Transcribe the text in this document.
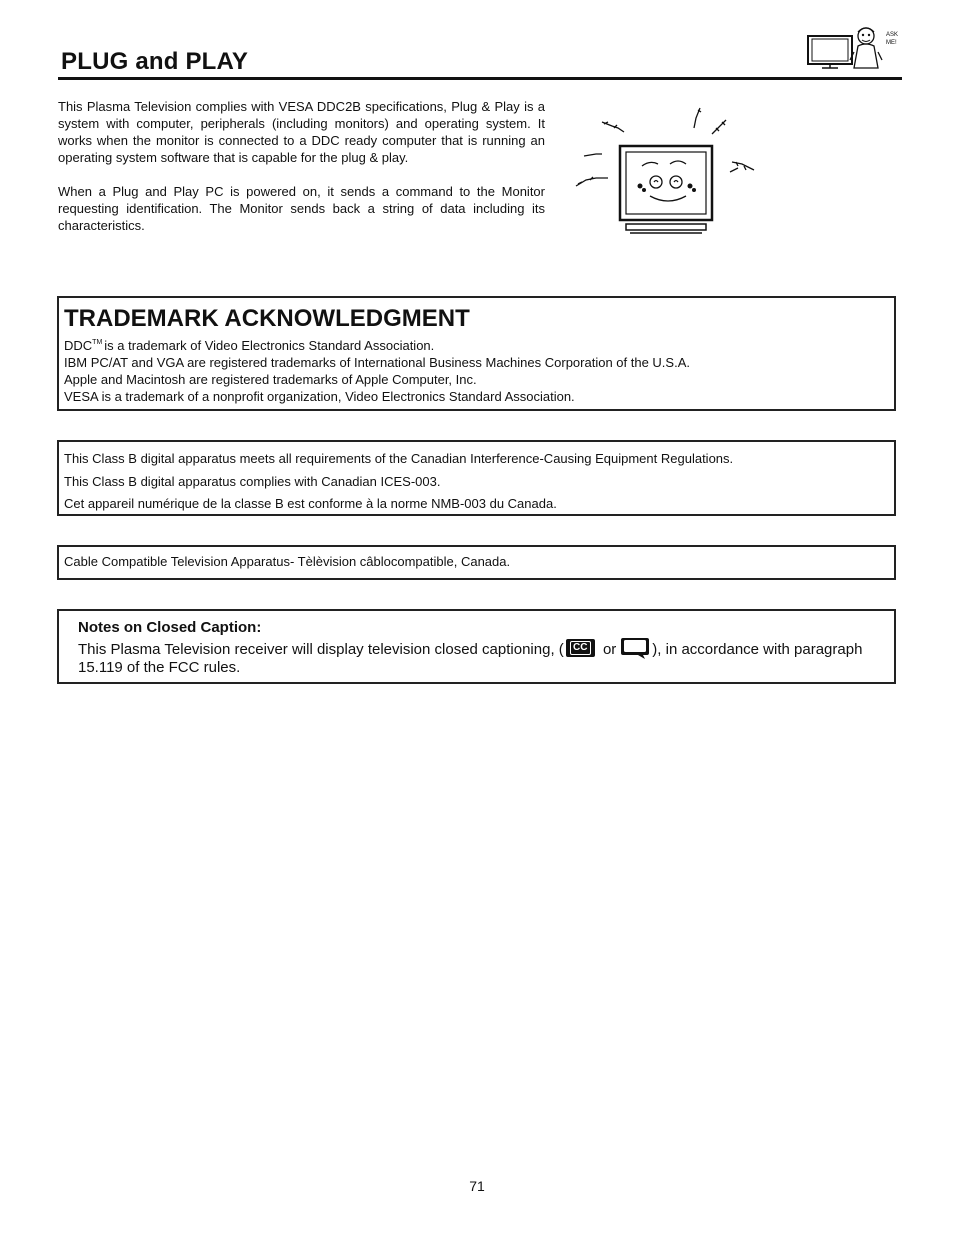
PLUG and PLAY
ASK
ME!

This Plasma Television complies with VESA DDC2B specifications, Plug & Play is a system with computer, peripherals (including monitors) and operating system. It works when the monitor is connected to a DDC ready computer that is running an operating system software that is capable for the plug & play.

When a Plug and Play PC is powered on, it sends a command to the Monitor requesting identification. The Monitor sends back a string of data including its characteristics.

TRADEMARK ACKNOWLEDGMENT

DDC™ is a trademark of Video Electronics Standard Association.

IBM PC/AT and VGA are registered trademarks of International Business Machines Corporation of the U.S.A.

Apple and Macintosh are registered trademarks of Apple Computer, Inc.

VESA is a trademark of a nonprofit organization, Video Electronics Standard Association.

This Class B digital apparatus meets all requirements of the Canadian Interference-Causing Equipment Regulations.

This Class B digital apparatus complies with Canadian ICES-003.

Cet appareil numérique de la classe B est conforme à la norme NMB-003 du Canada.

Cable Compatible Television Apparatus- Tèlèvision câblocompatible, Canada.

Notes on Closed Caption:

This Plasma Television receiver will display television closed captioning, ( CC or ), in accordance with paragraph 15.119 of the FCC rules.

71
